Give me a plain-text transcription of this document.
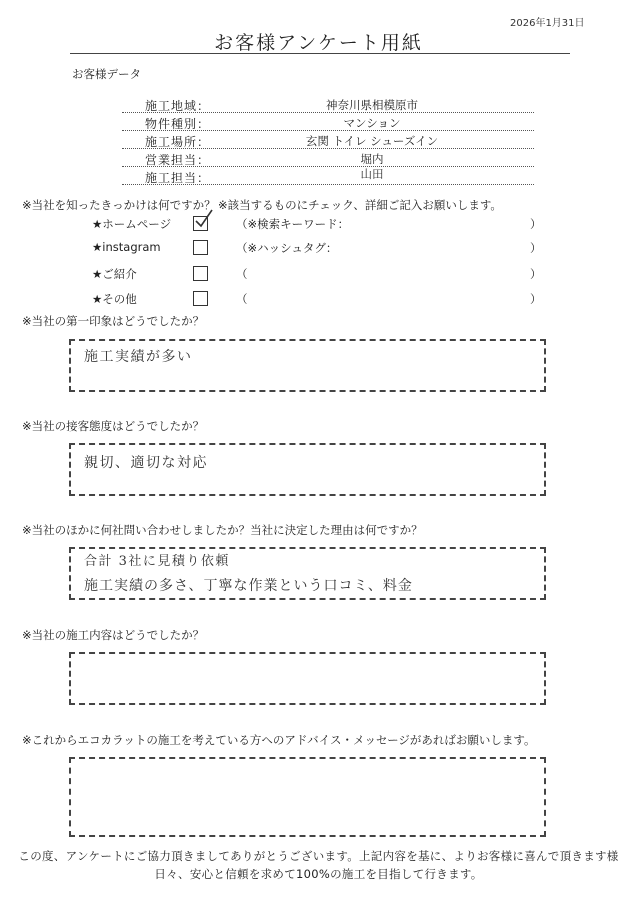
2026年1月31日
お客様アンケート用紙
お客様データ
施工地域：	神奈川県相模原市
物件種別：	マンション
施工場所：	玄関 トイレ シューズイン
営業担当：	堀内
施工担当：	山田
※当社を知ったきっかけは何ですか？ ※該当するものにチェック、詳細ご記入お願いします。
★ホームページ	（※検索キーワード：	）
★instagram	（※ハッシュタグ：	）
★ご紹介	（	）
★その他	（	）
※当社の第一印象はどうでしたか？
施工実績が多い
※当社の接客態度はどうでしたか？
親切、適切な対応
※当社のほかに何社問い合わせしましたか？当社に決定した理由は何ですか？
合計 3社に見積り依頼
施工実績の多さ、丁寧な作業という口コミ、料金
※当社の施工内容はどうでしたか？
※これからエコカラットの施工を考えている方へのアドバイス・メッセージがあればお願いします。
この度、アンケートにご協力頂きましてありがとうございます。上記内容を基に、よりお客様に喜んで頂きます様
日々、安心と信頼を求めて100%の施工を目指して行きます。
